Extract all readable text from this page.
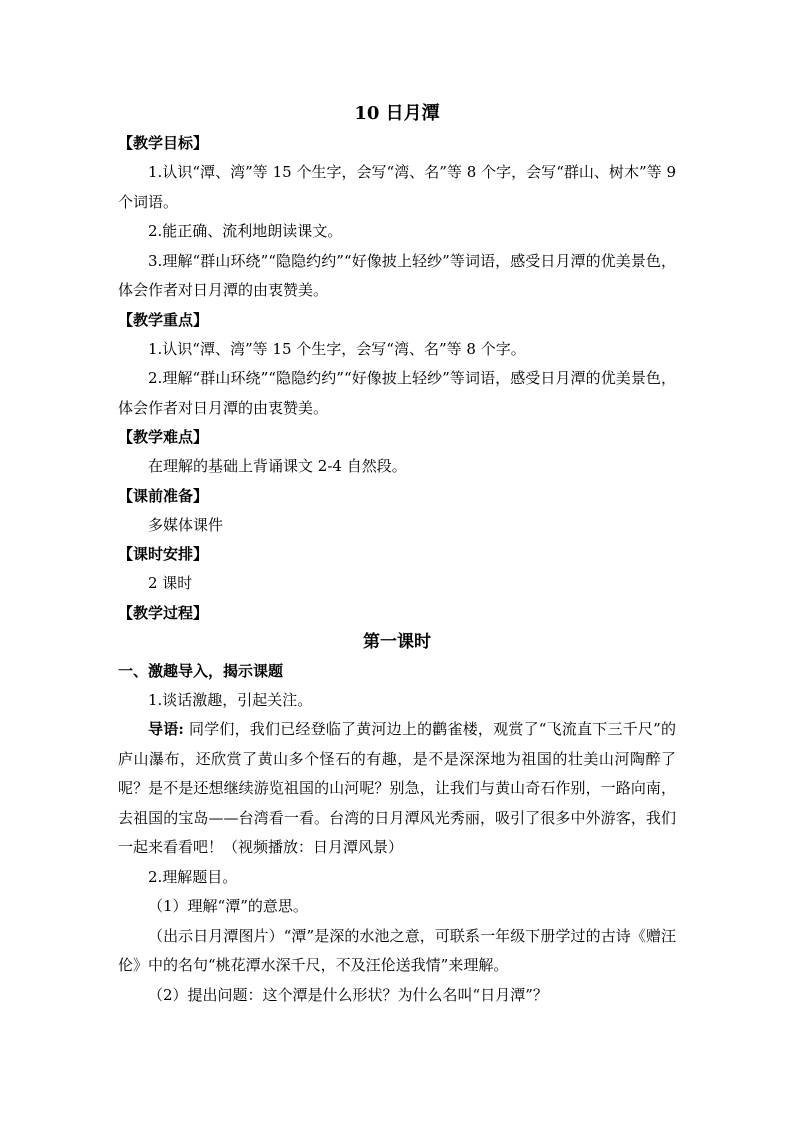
10 日月潭
【教学目标】

1.认识“潭、湾”等 15 个生字，会写“湾、名”等 8 个字，会写“群山、树木”等 9 个词语。

2.能正确、流利地朗读课文。

3.理解“群山环绕”“隐隐约约”“好像披上轻纱”等词语，感受日月潭的优美景色，体会作者对日月潭的由衷赞美。

【教学重点】

1.认识“潭、湾”等 15 个生字，会写“湾、名”等 8 个字。

2.理解“群山环绕”“隐隐约约”“好像披上轻纱”等词语，感受日月潭的优美景色，体会作者对日月潭的由衷赞美。

【教学难点】

在理解的基础上背诵课文 2-4 自然段。

【课前准备】

多媒体课件

【课时安排】

2 课时

【教学过程】
第一课时
一、激趣导入，揭示课题

1.谈话激趣，引起关注。

导语: 同学们，我们已经登临了黄河边上的鹳雀楼，观赏了“飞流直下三千尺”的庐山瀑布，还欣赏了黄山多个怪石的有趣，是不是深深地为祖国的壮美山河陶醉了呢？是不是还想继续游览祖国的山河呢？别急，让我们与黄山奇石作别，一路向南，去祖国的宝岛——台湾看一看。台湾的日月潭风光秀丽，吸引了很多中外游客，我们一起来看看吧！（视频播放：日月潭风景）

2.理解题目。

（1）理解“潭”的意思。

（出示日月潭图片）“潭”是深的水池之意，可联系一年级下册学过的古诗《赠汪伦》中的名句“桃花潭水深千尺，不及汪伦送我情”来理解。

（2）提出问题：这个潭是什么形状？为什么名叫“日月潭”？
